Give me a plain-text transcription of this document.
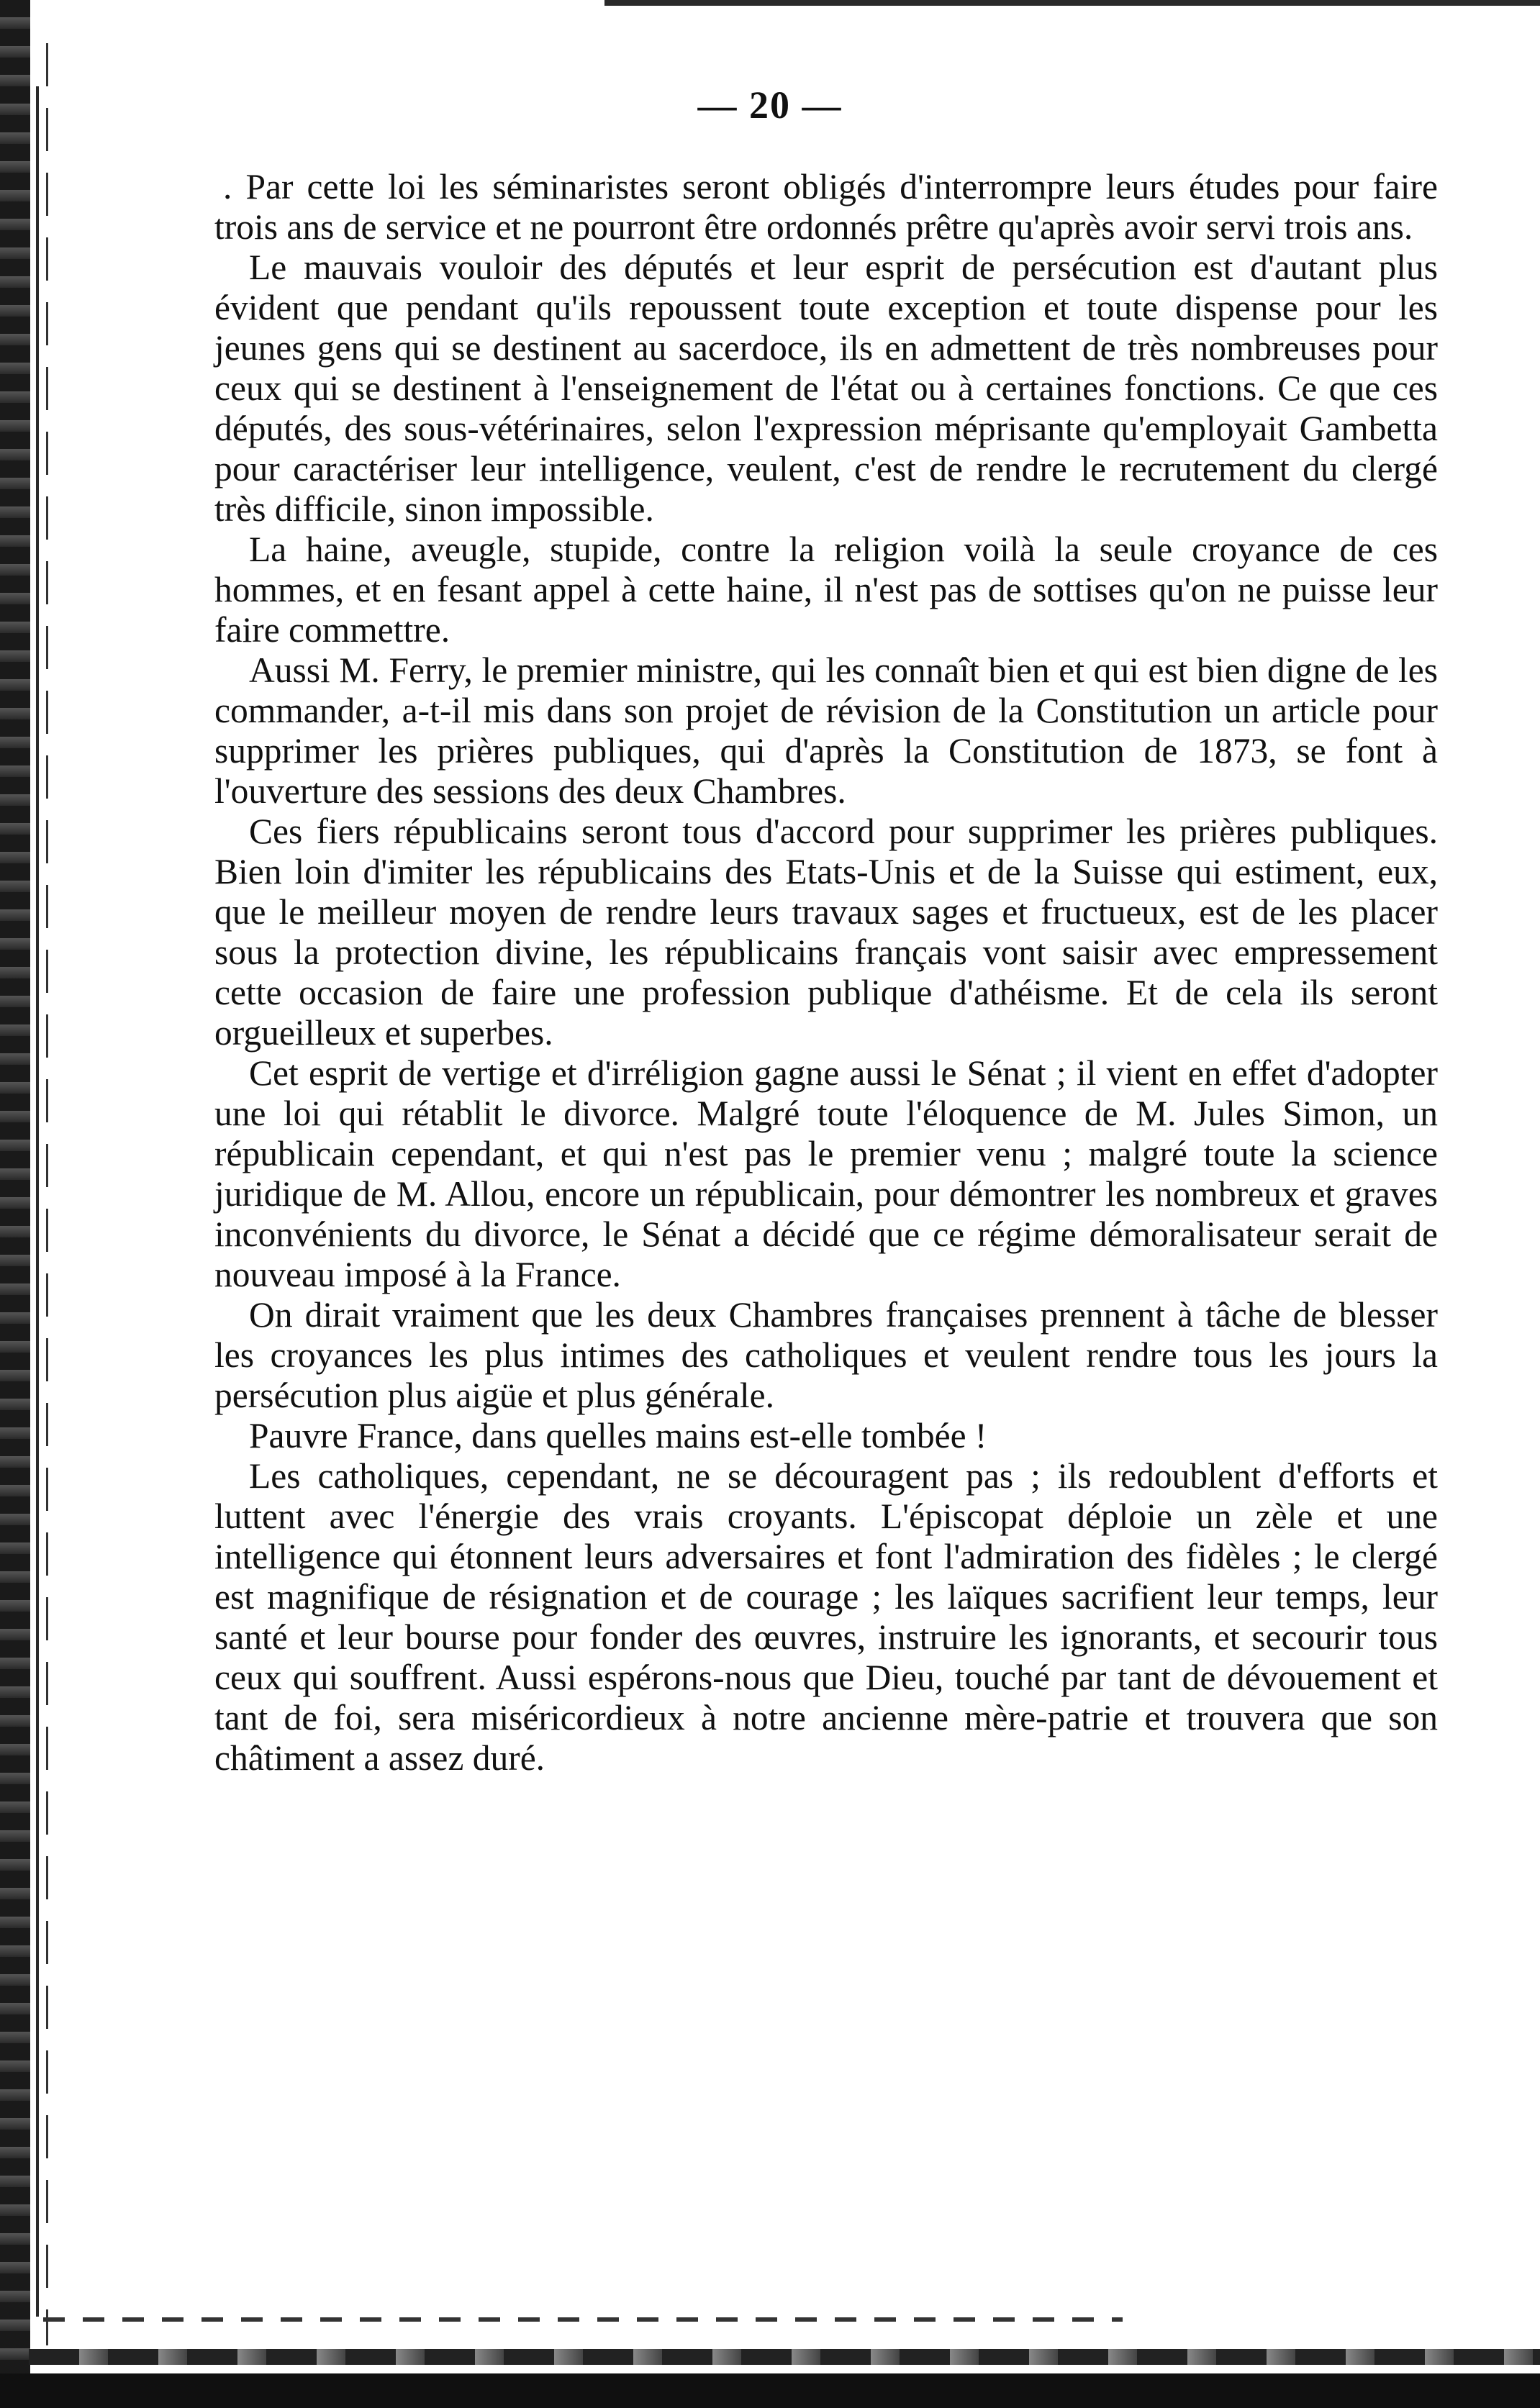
— 20 —

. Par cette loi les séminaristes seront obligés d'interrompre leurs études pour faire trois ans de service et ne pourront être ordonnés prêtre qu'après avoir servi trois ans.

Le mauvais vouloir des députés et leur esprit de persécution est d'autant plus évident que pendant qu'ils repoussent toute exception et toute dispense pour les jeunes gens qui se destinent au sacerdoce, ils en admettent de très nombreuses pour ceux qui se destinent à l'enseignement de l'état ou à certaines fonctions. Ce que ces députés, des sous-vétérinaires, selon l'expression méprisante qu'employait Gambetta pour caractériser leur intelligence, veulent, c'est de rendre le recrutement du clergé très difficile, sinon impossible.

La haine, aveugle, stupide, contre la religion voilà la seule croyance de ces hommes, et en fesant appel à cette haine, il n'est pas de sottises qu'on ne puisse leur faire commettre.

Aussi M. Ferry, le premier ministre, qui les connaît bien et qui est bien digne de les commander, a-t-il mis dans son projet de révision de la Constitution un article pour supprimer les prières publiques, qui d'après la Constitution de 1873, se font à l'ouverture des sessions des deux Chambres.

Ces fiers républicains seront tous d'accord pour supprimer les prières publiques. Bien loin d'imiter les républicains des Etats-Unis et de la Suisse qui estiment, eux, que le meilleur moyen de rendre leurs travaux sages et fructueux, est de les placer sous la protection divine, les républicains français vont saisir avec empressement cette occasion de faire une profession publique d'athéisme. Et de cela ils seront orgueilleux et superbes.

Cet esprit de vertige et d'irréligion gagne aussi le Sénat ; il vient en effet d'adopter une loi qui rétablit le divorce. Malgré toute l'éloquence de M. Jules Simon, un républicain cependant, et qui n'est pas le premier venu ; malgré toute la science juridique de M. Allou, encore un républicain, pour démontrer les nombreux et graves inconvénients du divorce, le Sénat a décidé que ce régime démoralisateur serait de nouveau imposé à la France.

On dirait vraiment que les deux Chambres françaises prennent à tâche de blesser les croyances les plus intimes des catholiques et veulent rendre tous les jours la persécution plus aigüe et plus générale.

Pauvre France, dans quelles mains est-elle tombée !

Les catholiques, cependant, ne se découragent pas ; ils redoublent d'efforts et luttent avec l'énergie des vrais croyants. L'épiscopat déploie un zèle et une intelligence qui étonnent leurs adversaires et font l'admiration des fidèles ; le clergé est magnifique de résignation et de courage ; les laïques sacrifient leur temps, leur santé et leur bourse pour fonder des œuvres, instruire les ignorants, et secourir tous ceux qui souffrent. Aussi espérons-nous que Dieu, touché par tant de dévouement et tant de foi, sera miséricordieux à notre ancienne mère-patrie et trouvera que son châtiment a assez duré.
